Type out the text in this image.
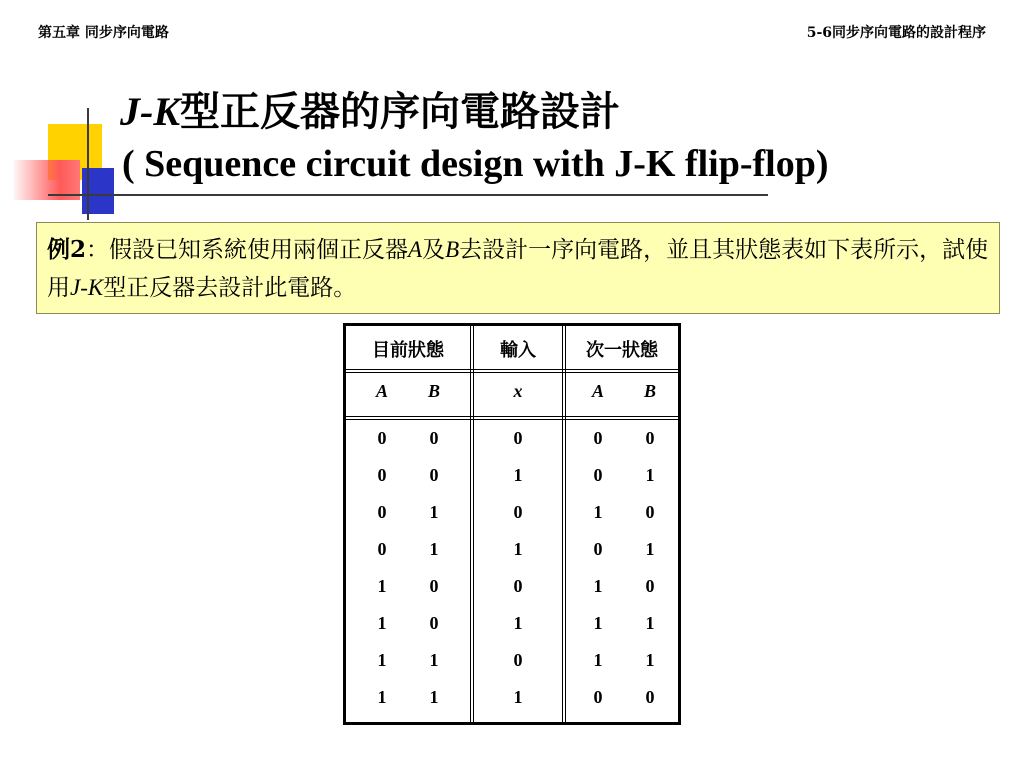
第五章 同步序向電路	5-6同步序向電路的設計程序
J-K型正反器的序向電路設計
( Sequence circuit design with J-K flip-flop)
例2：假設已知系統使用兩個正反器A及B去設計一序向電路，並且其狀態表如下表所示，試使用J-K型正反器去設計此電路。
目前狀態	輸入	次一狀態
A B	x	A B
0	0	0	0	0
0	0	1	0	1
0	1	0	1	0
0	1	1	0	1
1	0	0	1	0
1	0	1	1	1
1	1	0	1	1
1	1	1	0	0
